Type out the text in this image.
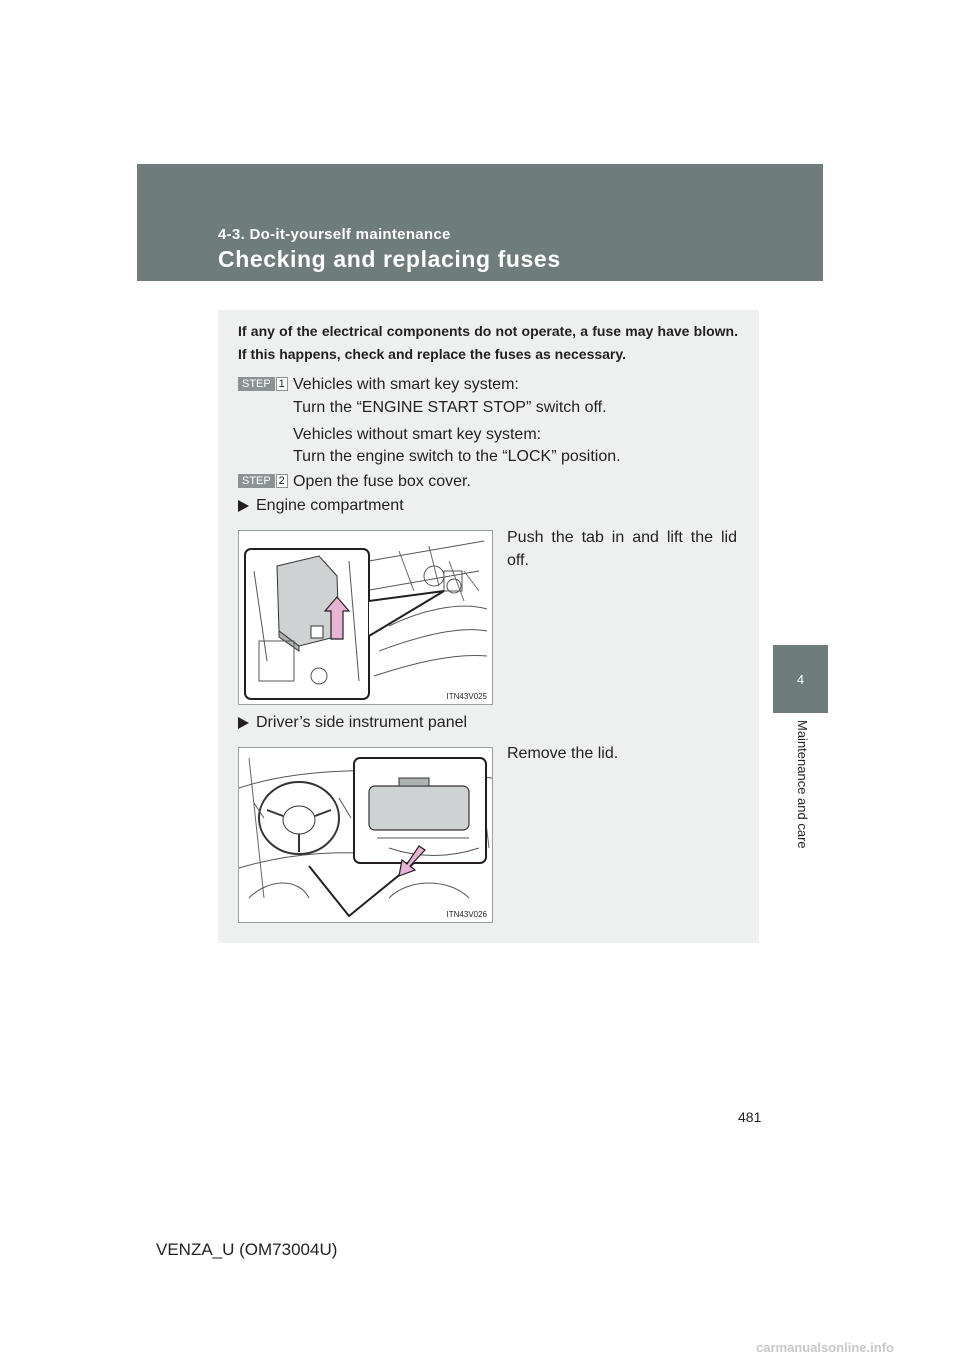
4-3. Do-it-yourself maintenance
Checking and replacing fuses
4
Maintenance and care

If any of the electrical components do not operate, a fuse may have blown. If this happens, check and replace the fuses as necessary.

STEP 1 Vehicles with smart key system:

Turn the “ENGINE START STOP” switch off.

Vehicles without smart key system:

Turn the engine switch to the “LOCK” position.

STEP 2 Open the fuse box cover.

Engine compartment
ITN43V025

Push the tab in and lift the lid off.

Driver’s side instrument panel
ITN43V026

Remove the lid.

481
VENZA_U (OM73004U)
carmanualsonline.info
